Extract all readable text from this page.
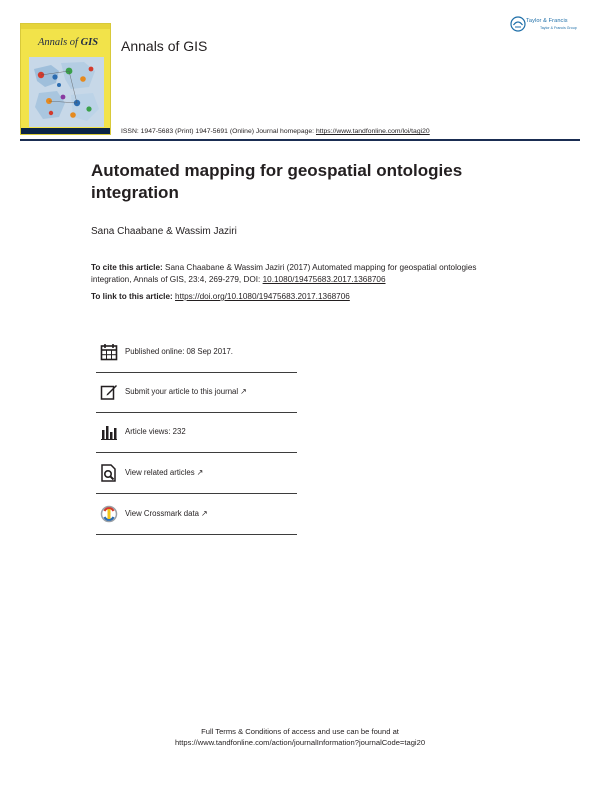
Annals of GIS Annals of GIS
Taylor & Francis
Taylor & Francis Group
ISSN: 1947-5683 (Print) 1947-5691 (Online) Journal homepage: https://www.tandfonline.com/loi/tagi20
Automated mapping for geospatial ontologies integration
Sana Chaabane & Wassim Jaziri
To cite this article: Sana Chaabane & Wassim Jaziri (2017) Automated mapping for geospatial ontologies integration, Annals of GIS, 23:4, 269-279, DOI: 10.1080/19475683.2017.1368706
To link to this article: https://doi.org/10.1080/19475683.2017.1368706
Published online: 08 Sep 2017.
Submit your article to this journal ↗
Article views: 232
View related articles ↗
View Crossmark data ↗
Full Terms & Conditions of access and use can be found at
https://www.tandfonline.com/action/journalInformation?journalCode=tagi20
